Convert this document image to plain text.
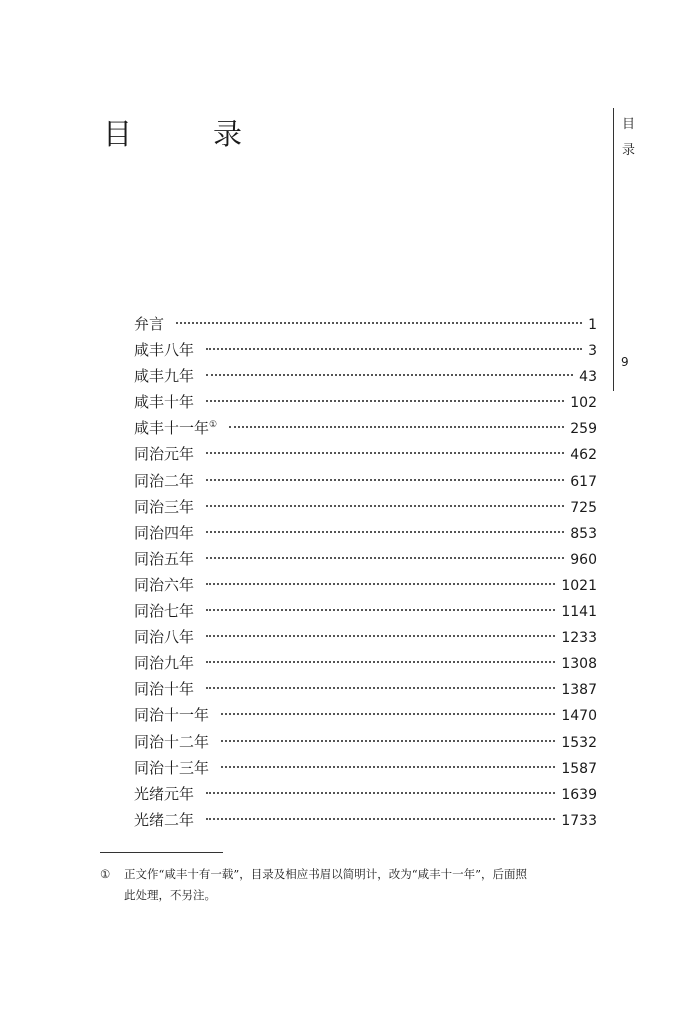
目　录	目录
9
弁言	1
咸丰八年	3
咸丰九年	43
咸丰十年	102
咸丰十一年①	259
同治元年	462
同治二年	617
同治三年	725
同治四年	853
同治五年	960
同治六年	1021
同治七年	1141
同治八年	1233
同治九年	1308
同治十年	1387
同治十一年	1470
同治十二年	1532
同治十三年	1587
光绪元年	1639
光绪二年	1733
① 正文作“咸丰十有一载”，目录及相应书眉以简明计，改为“咸丰十一年”，后面照
此处理，不另注。
